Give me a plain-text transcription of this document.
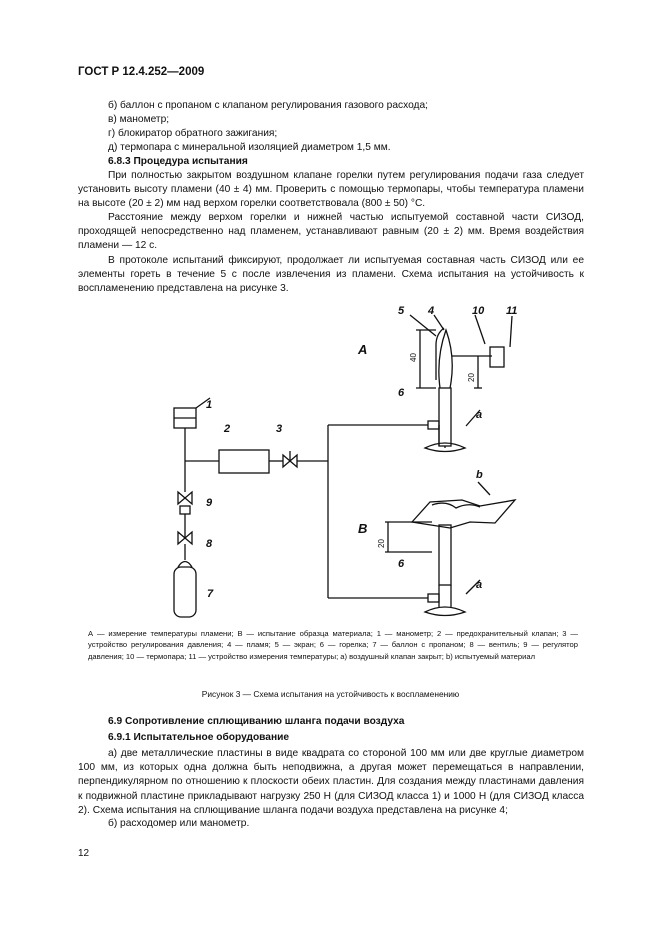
ГОСТ Р 12.4.252—2009
б) баллон с пропаном с клапаном регулирования газового расхода;
в) манометр;
г) блокиратор обратного зажигания;
д) термопара с минеральной изоляцией диаметром 1,5 мм.
6.8.3 Процедура испытания

При полностью закрытом воздушном клапане горелки путем регулирования подачи газа следует установить высоту пламени (40 ± 4) мм. Проверить с помощью термопары, чтобы температура пламени на высоте (20 ± 2) мм над верхом горелки соответствовала (800 ± 50) °С.

Расстояние между верхом горелки и нижней частью испытуемой составной части СИЗОД, проходящей непосредственно над пламенем, устанавливают равным (20 ± 2) мм. Время воздействия пламени — 12 с.

В протоколе испытаний фиксируют, продолжает ли испытуемая составная часть СИЗОД или ее элементы гореть в течение 5 с после извлечения из пламени. Схема испытания на устойчивость к воспламенению представлена на рисунке 3.

1
2	3
4
5
6
6
7
8
9
10 11
а
а
b
А
В
40
20
20

А — измерение температуры пламени; В — испытание образца материала; 1 — манометр; 2 — предохранительный клапан; 3 — устройство регулирования давления; 4 — пламя; 5 — экран; 6 — горелка; 7 — баллон с пропаном; 8 — вентиль; 9 — регулятор давления; 10 — термопара; 11 — устройство измерения температуры; а) воздушный клапан закрыт; b) испытуемый материал

Рисунок 3 — Схема испытания на устойчивость к воспламенению
6.9 Сопротивление сплющиванию шланга подачи воздуха
6.9.1 Испытательное оборудование

а) две металлические пластины в виде квадрата со стороной 100 мм или две круглые диаметром 100 мм, из которых одна должна быть неподвижна, а другая может перемещаться в направлении, перпендикулярном по отношению к плоскости обеих пластин. Для создания между пластинами давления к подвижной пластине прикладывают нагрузку 250 Н (для СИЗОД класса 1) и 1000 Н (для СИЗОД класса 2). Схема испытания на сплющивание шланга подачи воздуха представлена на рисунке 4;

б) расходомер или манометр.
12
